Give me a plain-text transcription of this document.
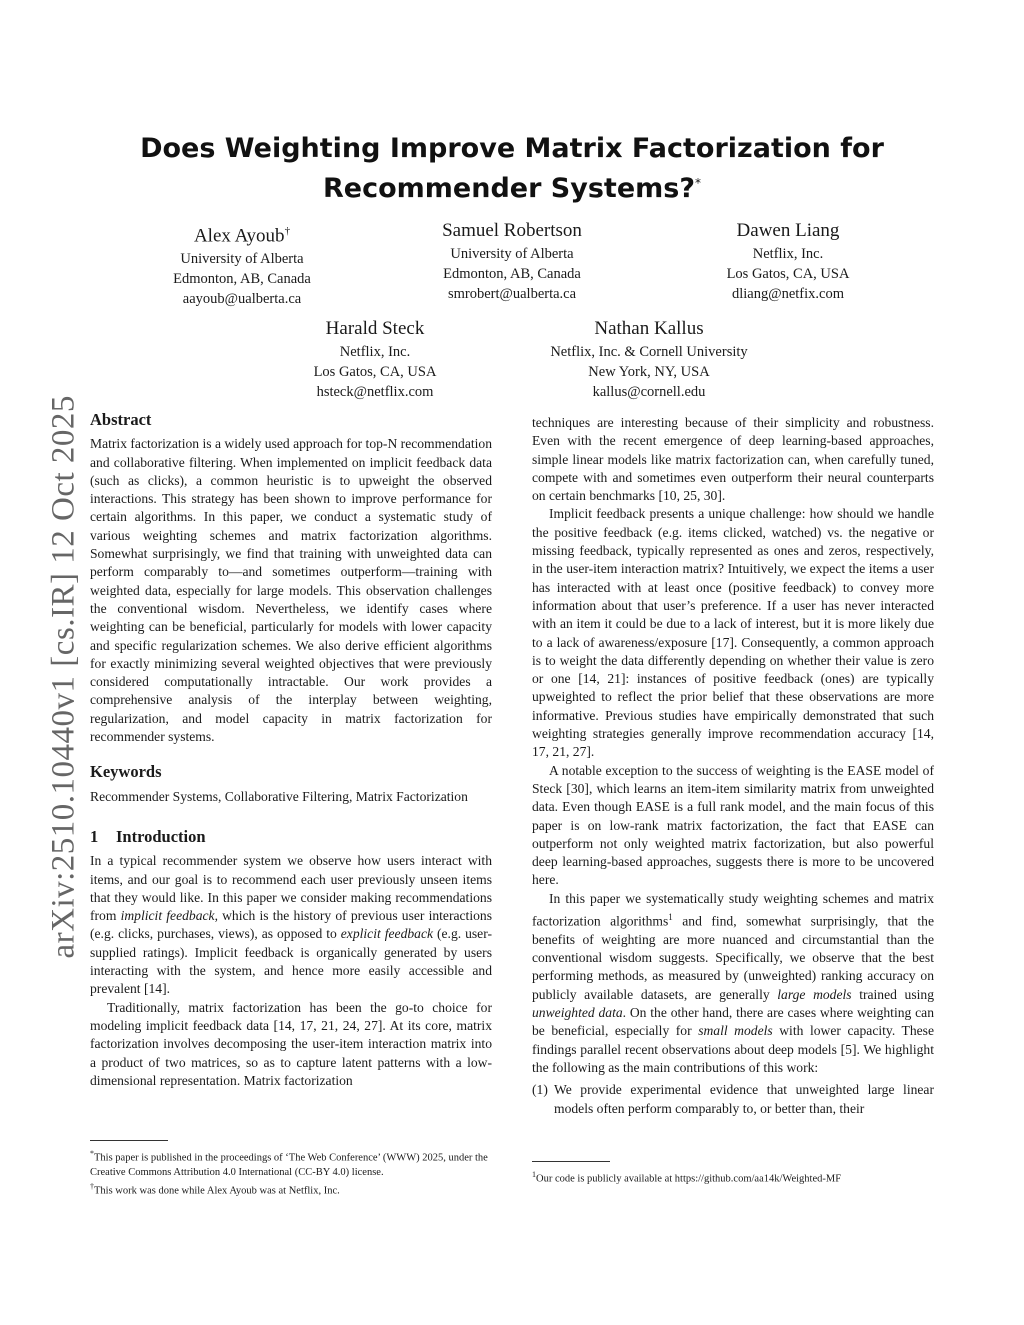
arXiv:2510.10440v1 [cs.IR] 12 Oct 2025
Does Weighting Improve Matrix Factorization for Recommender Systems?*
Alex Ayoub†
University of Alberta
Edmonton, AB, Canada
aayoub@ualberta.ca
Samuel Robertson
University of Alberta
Edmonton, AB, Canada
smrobert@ualberta.ca
Dawen Liang
Netflix, Inc.
Los Gatos, CA, USA
dliang@netfix.com
Harald Steck
Netflix, Inc.
Los Gatos, CA, USA
hsteck@netflix.com
Nathan Kallus
Netflix, Inc. & Cornell University
New York, NY, USA
kallus@cornell.edu
Abstract

Matrix factorization is a widely used approach for top-N recommendation and collaborative filtering. When implemented on implicit feedback data (such as clicks), a common heuristic is to upweight the observed interactions. This strategy has been shown to improve performance for certain algorithms. In this paper, we conduct a systematic study of various weighting schemes and matrix factorization algorithms. Somewhat surprisingly, we find that training with unweighted data can perform comparably to—and sometimes outperform—training with weighted data, especially for large models. This observation challenges the conventional wisdom. Nevertheless, we identify cases where weighting can be beneficial, particularly for models with lower capacity and specific regularization schemes. We also derive efficient algorithms for exactly minimizing several weighted objectives that were previously considered computationally intractable. Our work provides a comprehensive analysis of the interplay between weighting, regularization, and model capacity in matrix factorization for recommender systems.

Keywords

Recommender Systems, Collaborative Filtering, Matrix Factorization

1 Introduction

In a typical recommender system we observe how users interact with items, and our goal is to recommend each user previously unseen items that they would like. In this paper we consider making recommendations from implicit feedback, which is the history of previous user interactions (e.g. clicks, purchases, views), as opposed to explicit feedback (e.g. user-supplied ratings). Implicit feedback is organically generated by users interacting with the system, and hence more easily accessible and prevalent [14].

Traditionally, matrix factorization has been the go-to choice for modeling implicit feedback data [14, 17, 21, 24, 27]. At its core, matrix factorization involves decomposing the user-item interaction matrix into a product of two matrices, so as to capture latent patterns with a low-dimensional representation. Matrix factorization

techniques are interesting because of their simplicity and robustness. Even with the recent emergence of deep learning-based approaches, simple linear models like matrix factorization can, when carefully tuned, compete with and sometimes even outperform their neural counterparts on certain benchmarks [10, 25, 30].

Implicit feedback presents a unique challenge: how should we handle the positive feedback (e.g. items clicked, watched) vs. the negative or missing feedback, typically represented as ones and zeros, respectively, in the user-item interaction matrix? Intuitively, we expect the items a user has interacted with at least once (positive feedback) to convey more information about that user’s preference. If a user has never interacted with an item it could be due to a lack of interest, but it is more likely due to a lack of awareness/exposure [17]. Consequently, a common approach is to weight the data differently depending on whether their value is zero or one [14, 21]: instances of positive feedback (ones) are typically upweighted to reflect the prior belief that these observations are more informative. Previous studies have empirically demonstrated that such weighting strategies generally improve recommendation accuracy [14, 17, 21, 27].

A notable exception to the success of weighting is the EASE model of Steck [30], which learns an item-item similarity matrix from unweighted data. Even though EASE is a full rank model, and the main focus of this paper is on low-rank matrix factorization, the fact that EASE can outperform not only weighted matrix factorization, but also powerful deep learning-based approaches, suggests there is more to be uncovered here.

In this paper we systematically study weighting schemes and matrix factorization algorithms$^1$ and find, somewhat surprisingly, that the benefits of weighting are more nuanced and circumstantial than the conventional wisdom suggests. Specifically, we observe that the best performing methods, as measured by (unweighted) ranking accuracy on publicly available datasets, are generally large models trained using unweighted data. On the other hand, there are cases where weighting can be beneficial, especially for small models with lower capacity. These findings parallel recent observations about deep models [5]. We highlight the following as the main contributions of this work:

(1) We provide experimental evidence that unweighted large linear models often perform comparably to, or better than, their

*This paper is published in the proceedings of ‘The Web Conference’ (WWW) 2025, under the Creative Commons Attribution 4.0 International (CC-BY 4.0) license.

†This work was done while Alex Ayoub was at Netflix, Inc.

$^1$Our code is publicly available at https://github.com/aa14k/Weighted-MF
